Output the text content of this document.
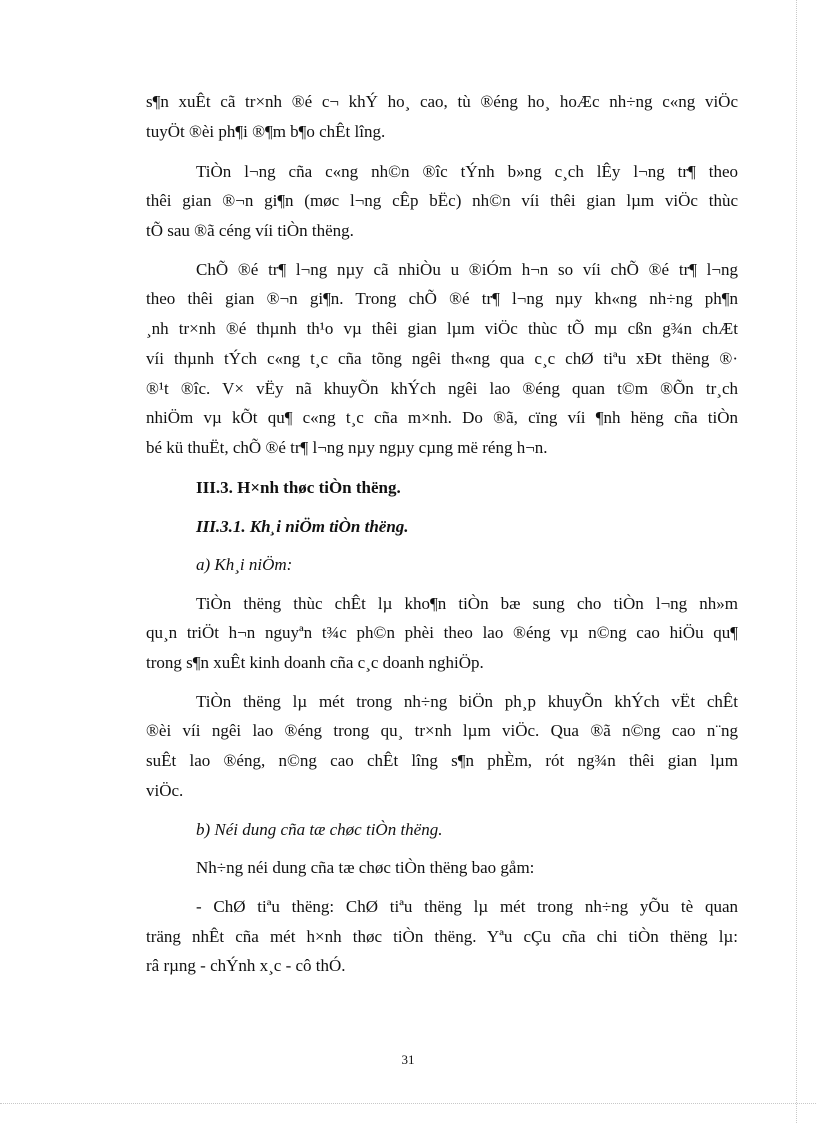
s¶n xuÊt cã tr×nh ®é c¬ khÝ ho¸ cao, tù ®éng ho¸ hoÆc nh÷ng c«ng viÖc
tuyÖt ®èi ph¶i ®¶m b¶o chÊt lîng.
TiÒn l¬ng cña c«ng nh©n ®îc tÝnh b»ng c¸ch lÊy l¬ng tr¶ theo
thêi gian ®¬n gi¶n (møc l¬ng cÊp bËc) nh©n víi thêi gian lµm viÖc thùc
tÕ sau ®ã céng víi tiÒn thëng.
ChÕ ®é tr¶ l¬ng nµy cã nhiÒu u ®iÓm h¬n so víi chÕ ®é tr¶ l¬ng
theo thêi gian ®¬n gi¶n. Trong chÕ ®é tr¶ l¬ng nµy kh«ng nh÷ng ph¶n
¸nh tr×nh ®é thµnh th¹o vµ thêi gian lµm viÖc thùc tÕ mµ cßn g¾n chÆt
víi thµnh tÝch c«ng t¸c cña tõng ngêi th«ng qua c¸c chØ tiªu xÐt thëng ®·
®¹t ®îc. V× vËy nã khuyÕn khÝch ngêi lao ®éng quan t©m ®Õn tr¸ch
nhiÖm vµ kÕt qu¶ c«ng t¸c cña m×nh. Do ®ã, cïng víi ¶nh hëng cña tiÒn
bé kü thuËt, chÕ ®é tr¶ l¬ng nµy ngµy cµng më réng h¬n.
III.3. H×nh thøc tiÒn thëng.
III.3.1. Kh¸i niÖm tiÒn thëng.
a) Kh¸i niÖm:
TiÒn thëng thùc chÊt lµ kho¶n tiÒn bæ sung cho tiÒn l¬ng nh»m
qu¸n triÖt h¬n nguyªn t¾c ph©n phèi theo lao ®éng vµ n©ng cao hiÖu qu¶
trong s¶n xuÊt kinh doanh cña c¸c doanh nghiÖp.
TiÒn thëng lµ mét trong nh÷ng biÖn ph¸p khuyÕn khÝch vËt chÊt
®èi víi ngêi lao ®éng trong qu¸ tr×nh lµm viÖc. Qua ®ã n©ng cao n¨ng
suÊt lao ®éng, n©ng cao chÊt lîng s¶n phÈm, rót ng¾n thêi gian lµm
viÖc.
b) Néi dung cña tæ chøc tiÒn thëng.
Nh÷ng néi dung cña tæ chøc tiÒn thëng bao gåm:
- ChØ tiªu thëng: ChØ tiªu thëng lµ mét trong nh÷ng yÕu tè quan
träng nhÊt cña mét h×nh thøc tiÒn thëng. Yªu cÇu cña chi tiÒn thëng lµ:
râ rµng - chÝnh x¸c - cô thÓ.
31
